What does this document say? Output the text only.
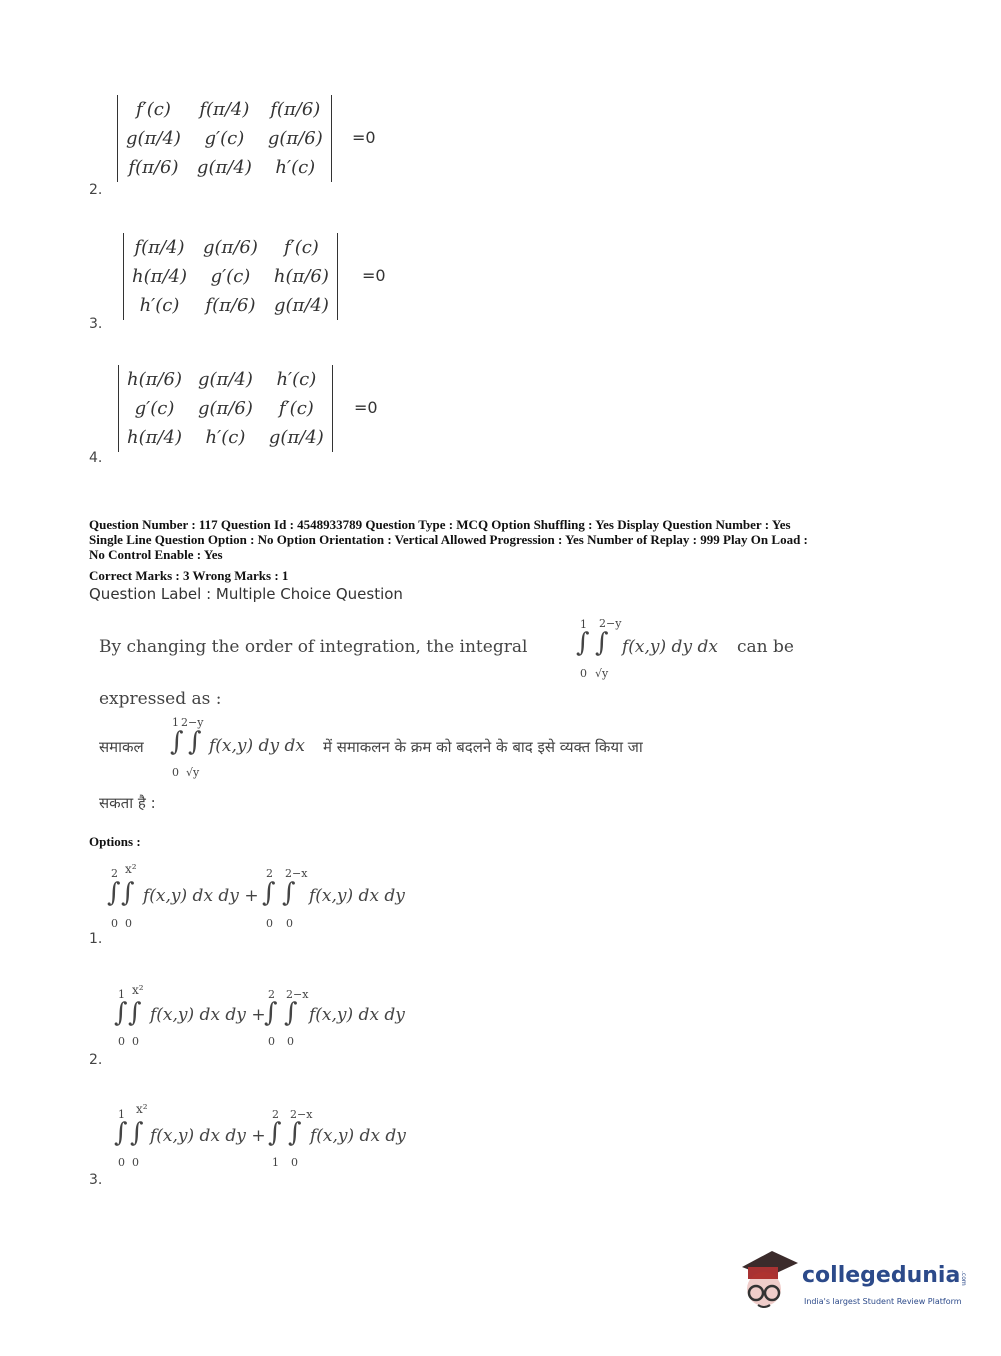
f′(c)	f(π/4)	f(π/6)
g(π/4)	g′(c)	g(π/6)
f(π/6)	g(π/4)	h′(c)
=0
2.
f(π/4)	g(π/6)	f′(c)
h(π/4)	g′(c)	h(π/6)
h′(c)	f(π/6)	g(π/4)
=0
3.
h(π/6)	g(π/4)	h′(c)
g′(c)	g(π/6)	f′(c)
h(π/4)	h′(c)	g(π/4)
=0
4.
Question Number : 117 Question Id : 4548933789 Question Type : MCQ Option Shuffling : Yes Display Question Number : Yes
Single Line Question Option : No Option Orientation : Vertical Allowed Progression : Yes Number of Replay : 999 Play On Load :
No Control Enable : Yes
Correct Marks : 3 Wrong Marks : 1
Question Label : Multiple Choice Question
By changing the order of integration, the integral
1 2−y
∫ ∫
0 √y
f(x,y) dy dx can be
expressed as :
समाकल
1 2−y
∫ ∫
0 √y
f(x,y) dy dx में समाकलन के क्रम को बदलने के बाद इसे व्यक्त किया जा
सकता है :
Options :
2 x²
∫ ∫
0 0
f(x,y) dx dy +
2 2−x
∫ ∫
0 0
f(x,y) dx dy
1.
1 x²
∫ ∫
0 0
f(x,y) dx dy +
2 2−x
∫ ∫
0 0
f(x,y) dx dy
2.
1 x²
∫ ∫
0 0
f(x,y) dx dy +
2 2−x
∫ ∫
1 0
f(x,y) dx dy
3.
collegedunia .com
India's largest Student Review Platform
